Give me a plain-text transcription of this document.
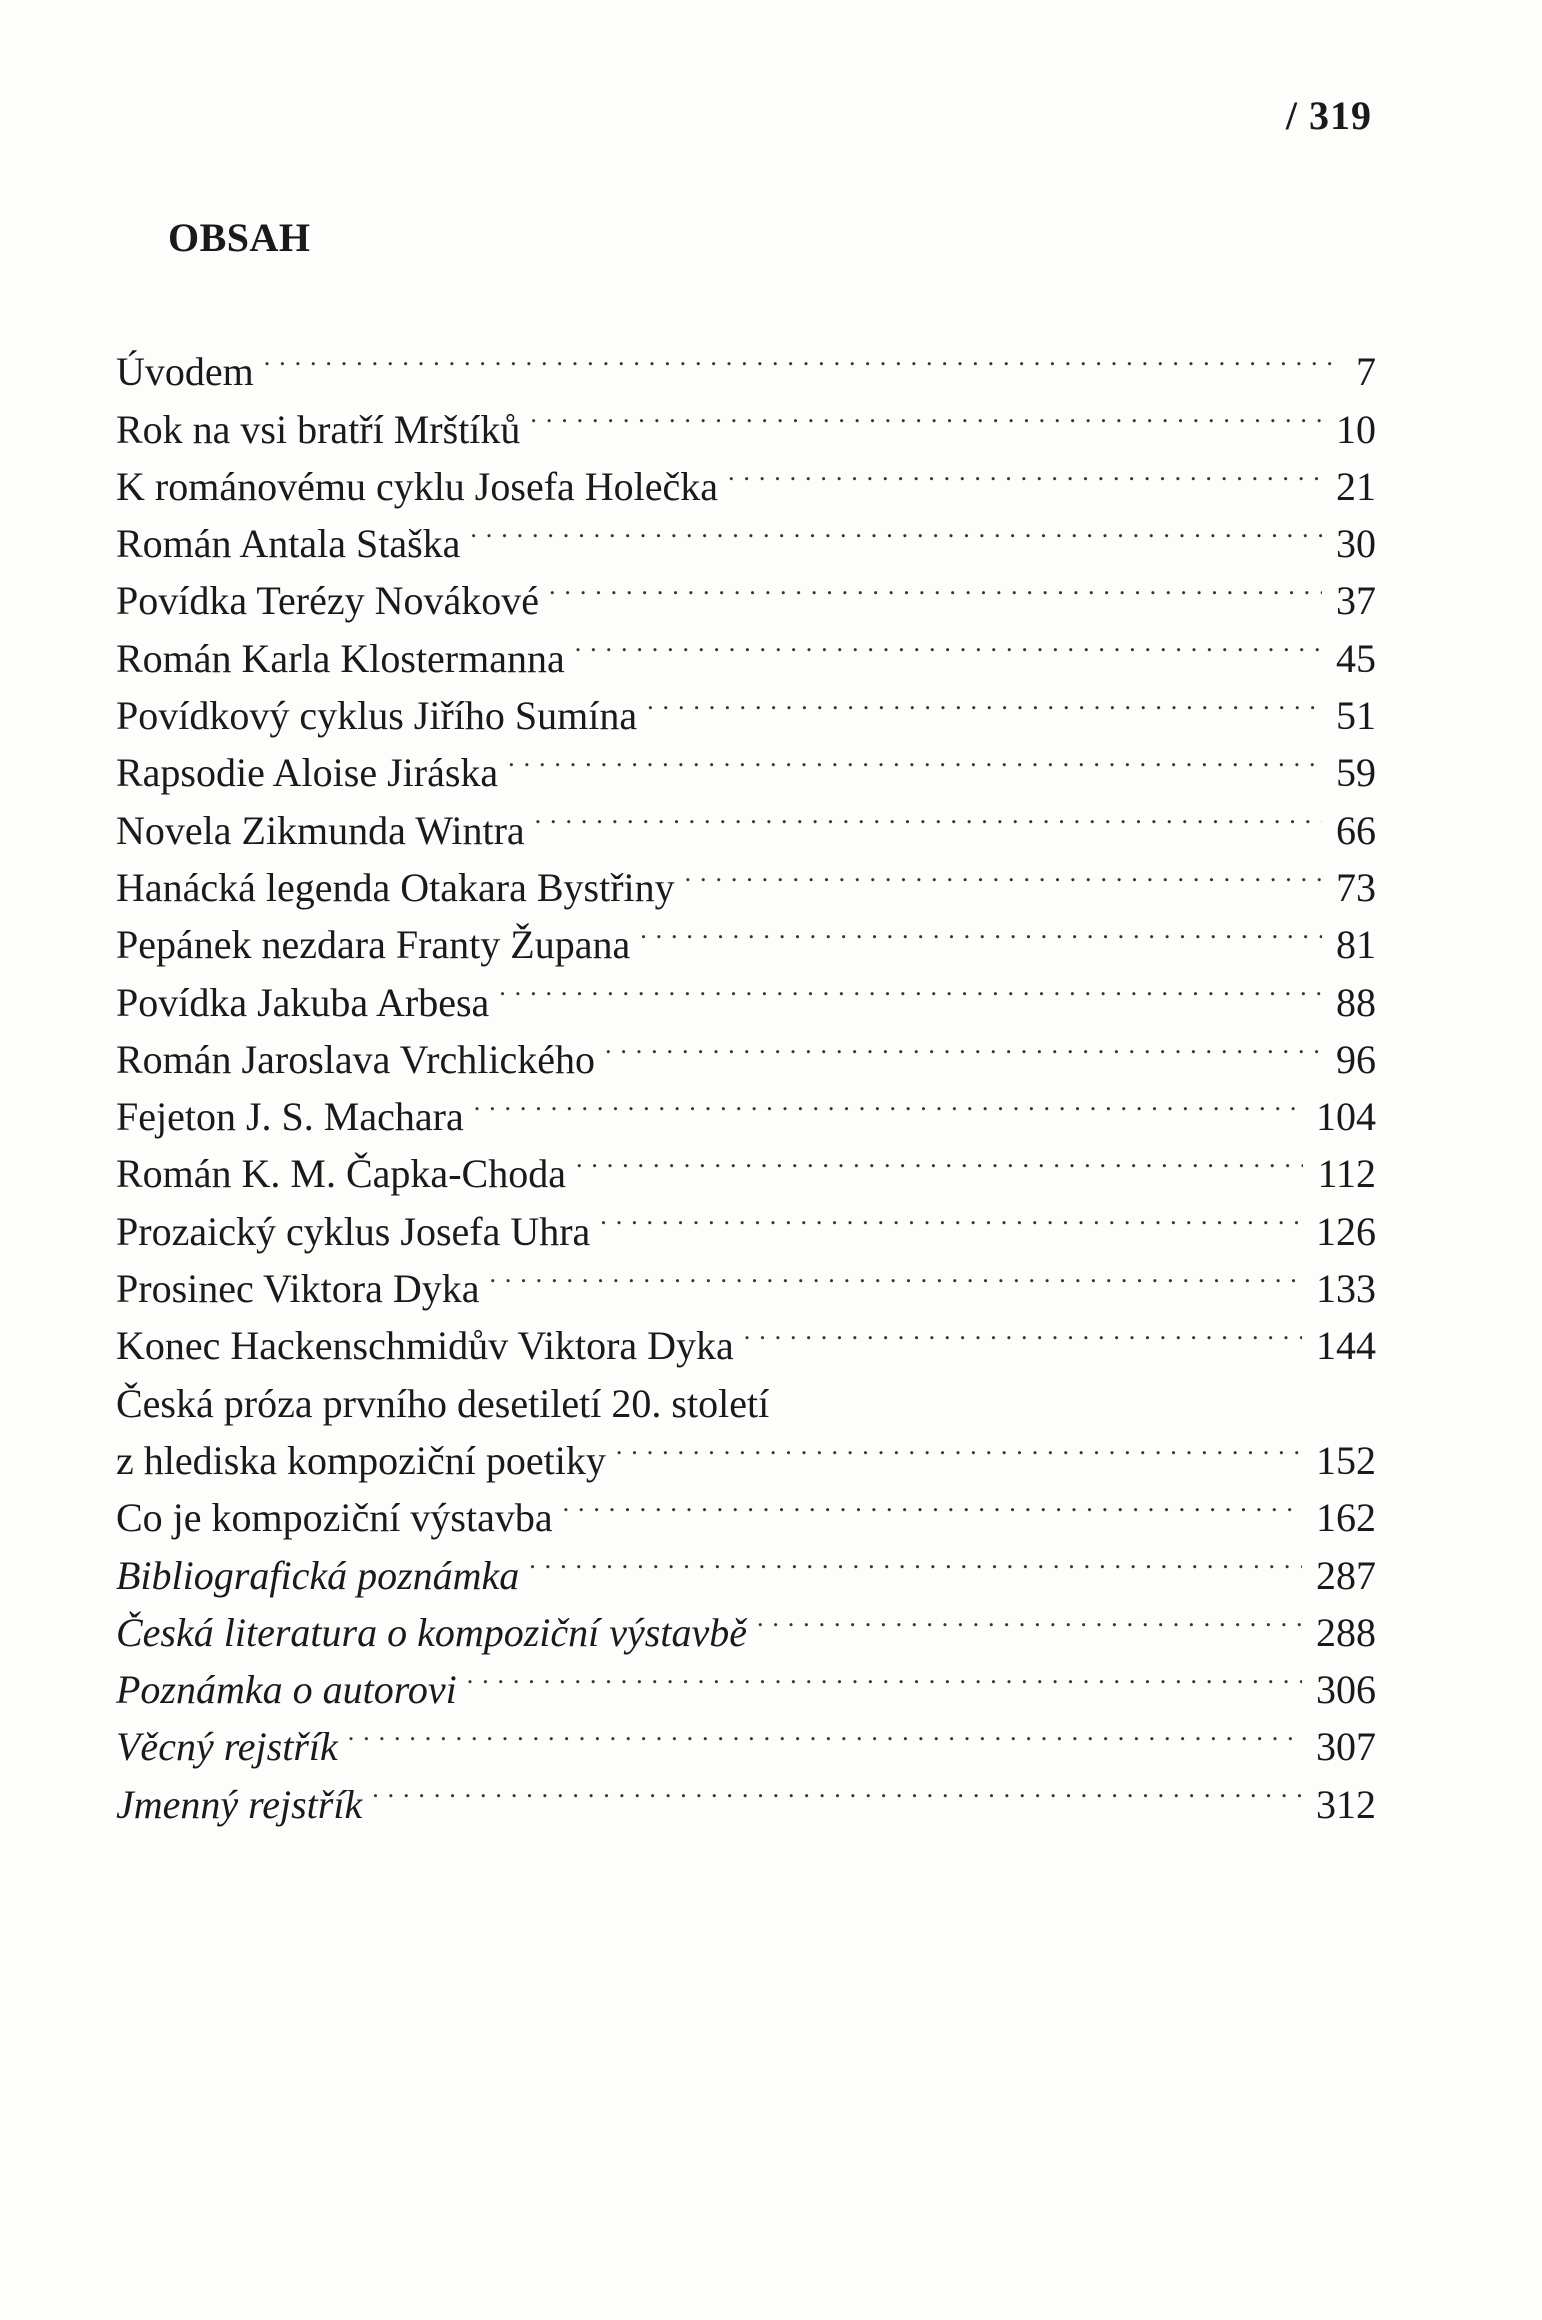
/ 319
OBSAH
Úvodem . . .	7
Rok na vsi bratří Mrštíků . . .	10
K románovému cyklu Josefa Holečka . . .	21
Román Antala Staška . . .	30
Povídka Terézy Novákové . . .	37
Román Karla Klostermanna . . .	45
Povídkový cyklus Jiřího Sumína . . .	51
Rapsodie Aloise Jiráska . . .	59
Novela Zikmunda Wintra . . .	66
Hanácká legenda Otakara Bystřiny . . .	73
Pepánek nezdara Franty Župana . . .	81
Povídka Jakuba Arbesa . . .	88
Román Jaroslava Vrchlického . . .	96
Fejeton J. S. Machara . . .	104
Román K. M. Čapka-Choda . . .	112
Prozaický cyklus Josefa Uhra . . .	126
Prosinec Viktora Dyka . . .	133
Konec Hackenschmidův Viktora Dyka . . .	144
Česká próza prvního desetiletí 20. století
z hlediska kompoziční poetiky . . .	152
Co je kompoziční výstavba . . .	162
Bibliografická poznámka . . .	287
Česká literatura o kompoziční výstavbě . . .	288
Poznámka o autorovi . . .	306
Věcný rejstřík . . .	307
Jmenný rejstřík . . .	312
